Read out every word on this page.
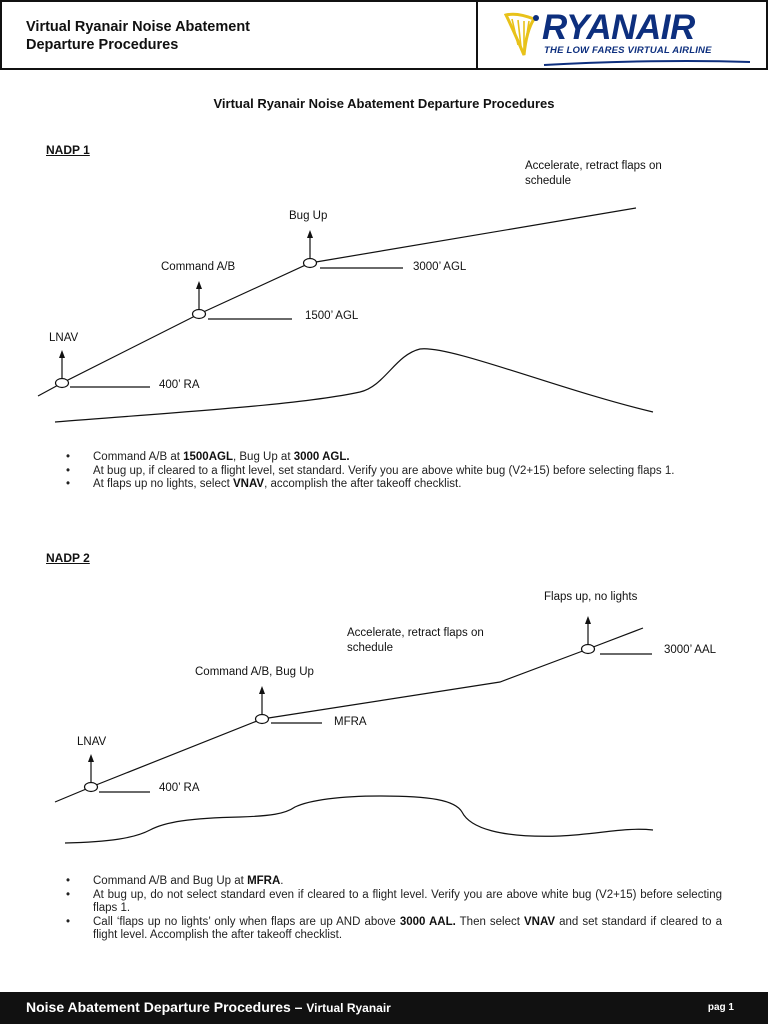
Virtual Ryanair Noise Abatement
Departure Procedures	RYANAIR
THE LOW FARES VIRTUAL AIRLINE
Virtual Ryanair Noise Abatement Departure Procedures
NADP 1
Accelerate, retract flaps on
schedule
Bug Up
Command A/B
LNAV
3000’ AGL
1500’ AGL
400’ RA
• Command A/B at 1500AGL, Bug Up at 3000 AGL.
• At bug up, if cleared to a flight level, set standard. Verify you are above white bug (V2+15) before selecting flaps 1.
• At flaps up no lights, select VNAV, accomplish the after takeoff checklist.
NADP 2
Flaps up, no lights
Accelerate, retract flaps on
schedule
Command A/B, Bug Up
LNAV
3000’ AAL
MFRA
400’ RA
• Command A/B and Bug Up at MFRA.
• At bug up, do not select standard even if cleared to a flight level. Verify you are above white bug (V2+15) before selecting flaps 1.
• Call ‘flaps up no lights’ only when flaps are up AND above 3000 AAL. Then select VNAV and set standard if cleared to a flight level. Accomplish the after takeoff checklist.
Noise Abatement Departure Procedures – Virtual Ryanair	pag 1
